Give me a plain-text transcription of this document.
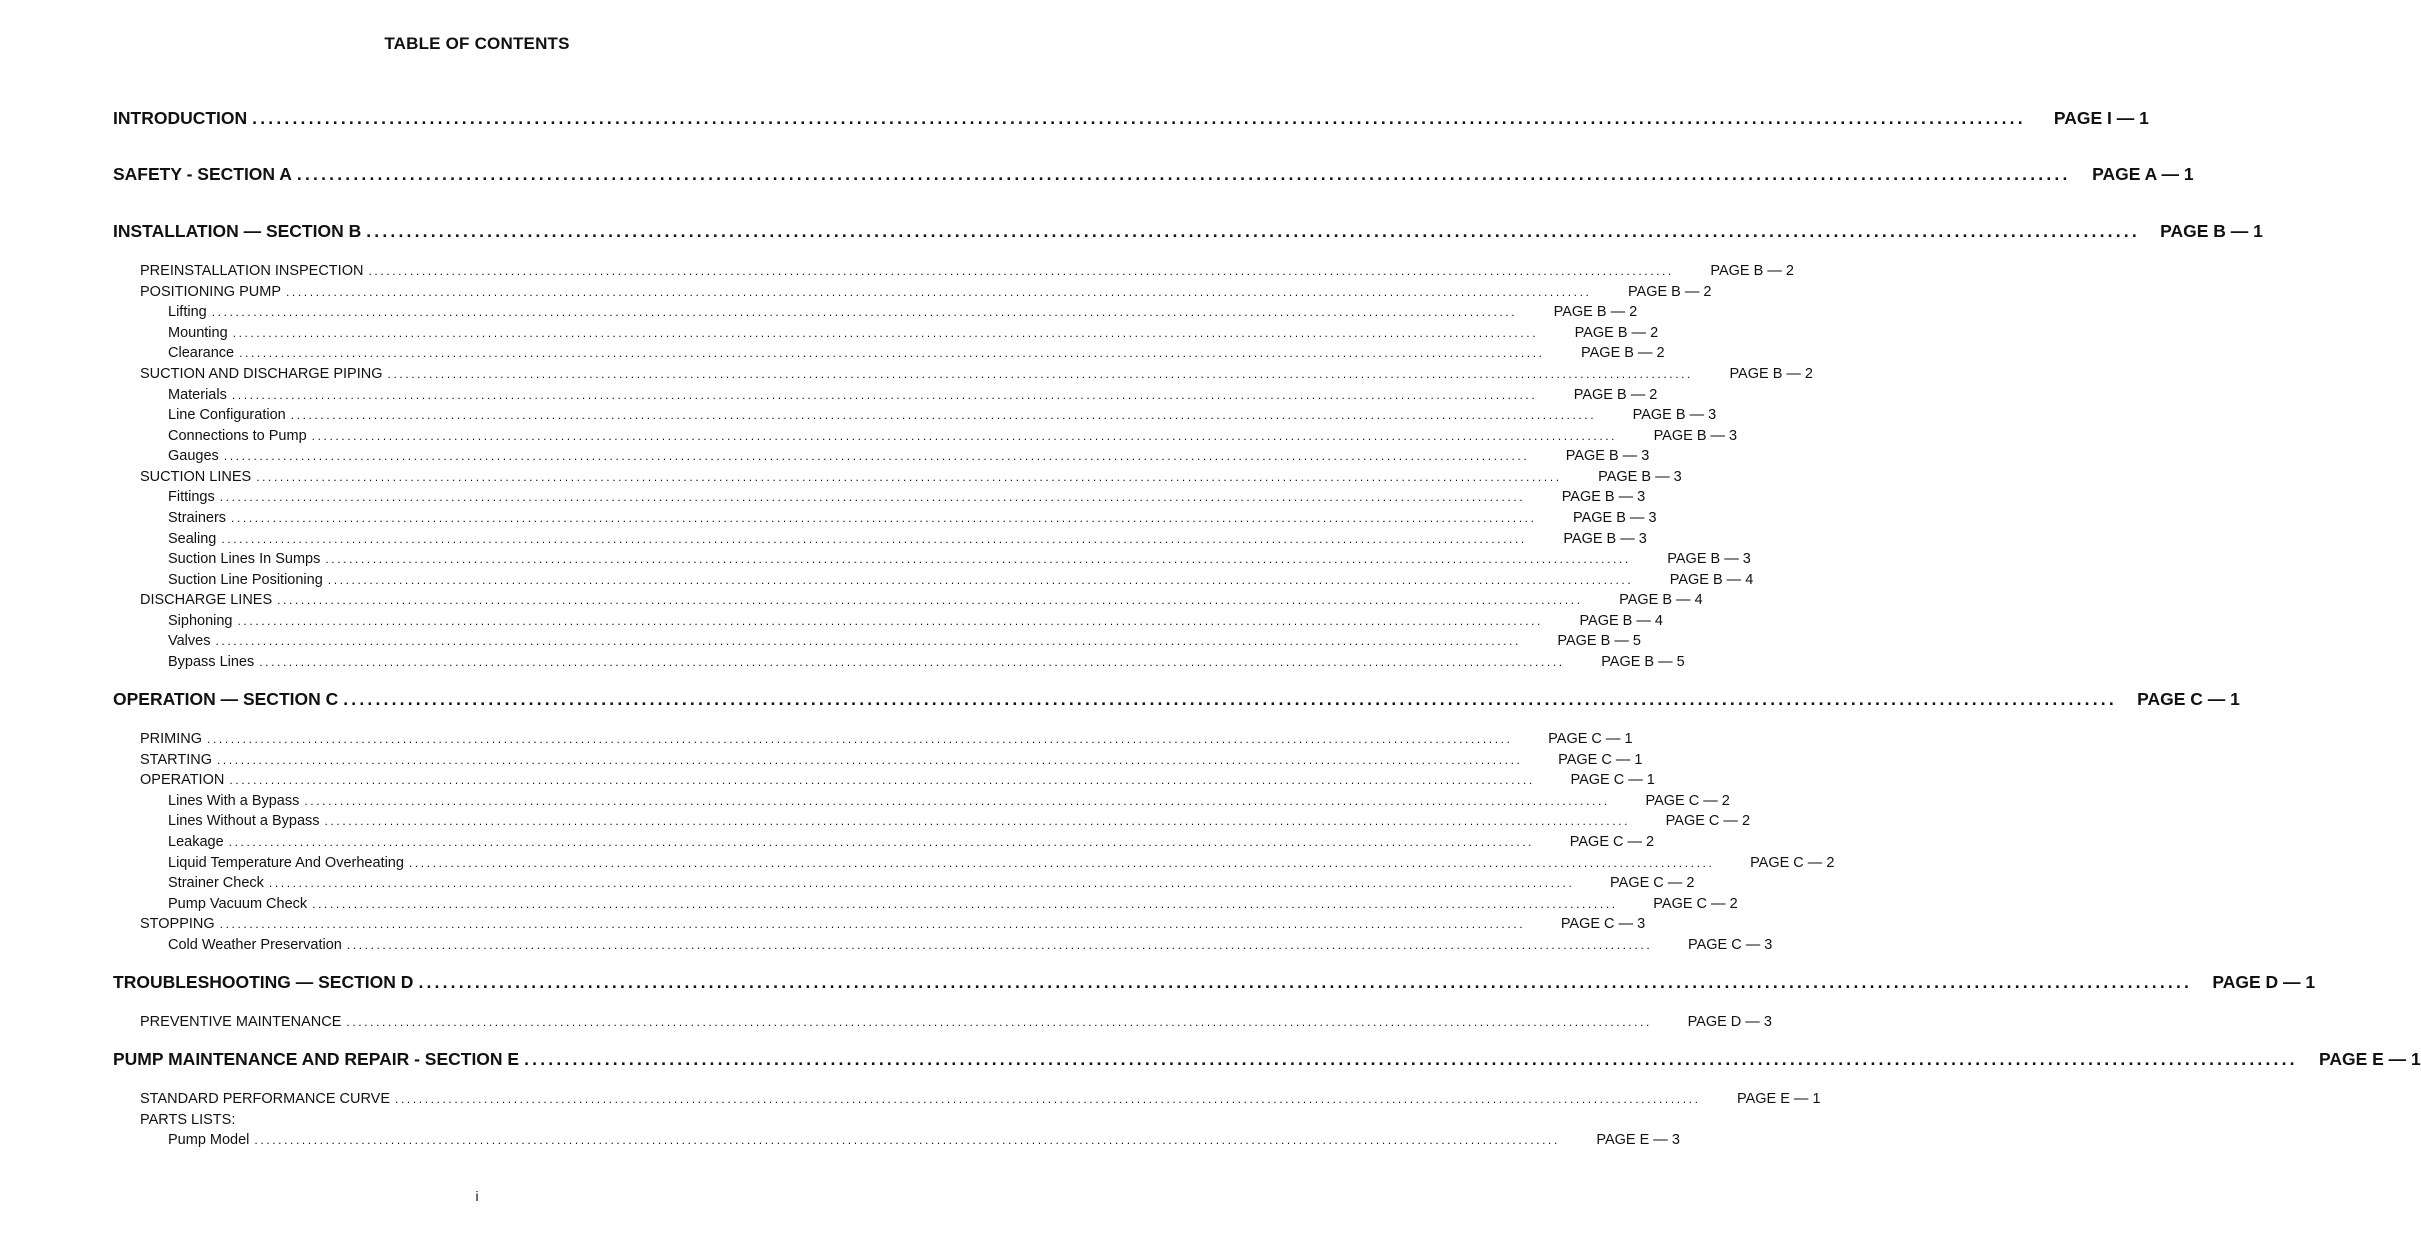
TABLE OF CONTENTS
INTRODUCTION ............................................................................................................................................................................................................................	PAGE I — 1
SAFETY - SECTION A ............................................................................................................................................................................................................................	PAGE A — 1
INSTALLATION — SECTION B ............................................................................................................................................................................................................................	PAGE B — 1
PREINSTALLATION INSPECTION ............................................................................................................................................................................................................................	PAGE B — 2
POSITIONING PUMP ............................................................................................................................................................................................................................	PAGE B — 2
Lifting ............................................................................................................................................................................................................................	PAGE B — 2
Mounting ............................................................................................................................................................................................................................	PAGE B — 2
Clearance ............................................................................................................................................................................................................................	PAGE B — 2
SUCTION AND DISCHARGE PIPING ............................................................................................................................................................................................................................	PAGE B — 2
Materials ............................................................................................................................................................................................................................	PAGE B — 2
Line Configuration ............................................................................................................................................................................................................................	PAGE B — 3
Connections to Pump ............................................................................................................................................................................................................................	PAGE B — 3
Gauges ............................................................................................................................................................................................................................	PAGE B — 3
SUCTION LINES ............................................................................................................................................................................................................................	PAGE B — 3
Fittings ............................................................................................................................................................................................................................	PAGE B — 3
Strainers ............................................................................................................................................................................................................................	PAGE B — 3
Sealing ............................................................................................................................................................................................................................	PAGE B — 3
Suction Lines In Sumps ............................................................................................................................................................................................................................	PAGE B — 3
Suction Line Positioning ............................................................................................................................................................................................................................	PAGE B — 4
DISCHARGE LINES ............................................................................................................................................................................................................................	PAGE B — 4
Siphoning ............................................................................................................................................................................................................................	PAGE B — 4
Valves ............................................................................................................................................................................................................................	PAGE B — 5
Bypass Lines ............................................................................................................................................................................................................................	PAGE B — 5
OPERATION — SECTION C ............................................................................................................................................................................................................................	PAGE C — 1
PRIMING ............................................................................................................................................................................................................................	PAGE C — 1
STARTING ............................................................................................................................................................................................................................	PAGE C — 1
OPERATION ............................................................................................................................................................................................................................	PAGE C — 1
Lines With a Bypass ............................................................................................................................................................................................................................	PAGE C — 2
Lines Without a Bypass ............................................................................................................................................................................................................................	PAGE C — 2
Leakage ............................................................................................................................................................................................................................	PAGE C — 2
Liquid Temperature And Overheating ............................................................................................................................................................................................................................	PAGE C — 2
Strainer Check ............................................................................................................................................................................................................................	PAGE C — 2
Pump Vacuum Check ............................................................................................................................................................................................................................	PAGE C — 2
STOPPING ............................................................................................................................................................................................................................	PAGE C — 3
Cold Weather Preservation ............................................................................................................................................................................................................................	PAGE C — 3
TROUBLESHOOTING — SECTION D ............................................................................................................................................................................................................................	PAGE D — 1
PREVENTIVE MAINTENANCE ............................................................................................................................................................................................................................	PAGE D — 3
PUMP MAINTENANCE AND REPAIR - SECTION E ............................................................................................................................................................................................................................	PAGE E — 1
STANDARD PERFORMANCE CURVE ............................................................................................................................................................................................................................	PAGE E — 1
PARTS LISTS:
Pump Model ............................................................................................................................................................................................................................	PAGE E — 3
i
